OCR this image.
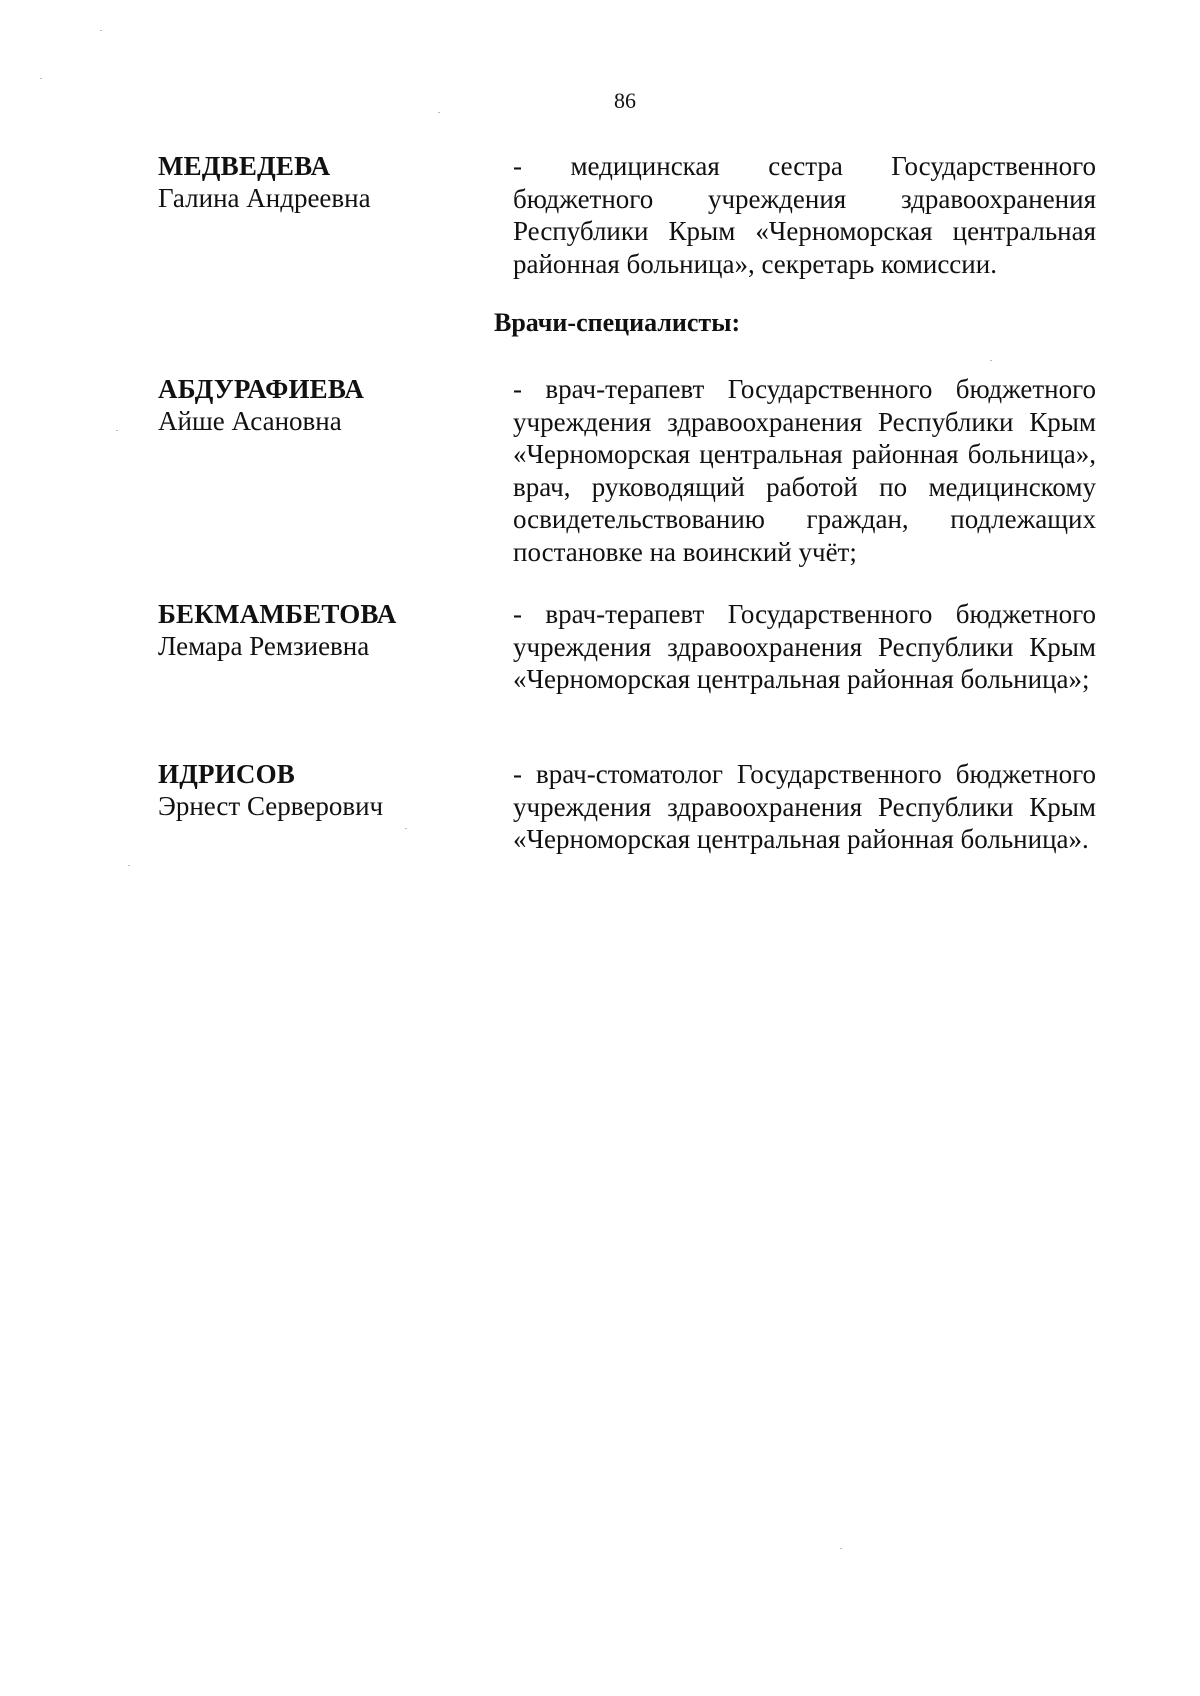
86
МЕДВЕДЕВА
Галина Андреевна
- медицинская сестра Государственного бюджетного учреждения здравоохранения Республики Крым «Черноморская центральная районная больница», секретарь комиссии.
Врачи-специалисты:
АБДУРАФИЕВА
Айше Асановна
- врач-терапевт Государственного бюджетного учреждения здравоохранения Республики Крым «Черноморская центральная районная больница», врач, руководящий работой по медицинскому освидетельствованию граждан, подлежащих постановке на воинский учёт;
БЕКМАМБЕТОВА
Лемара Ремзиевна
- врач-терапевт Государственного бюджетного учреждения здравоохранения Республики Крым «Черноморская центральная районная больница»;
ИДРИСОВ
Эрнест Серверович
- врач-стоматолог Государственного бюджетного учреждения здравоохранения Республики Крым «Черноморская центральная районная больница».
